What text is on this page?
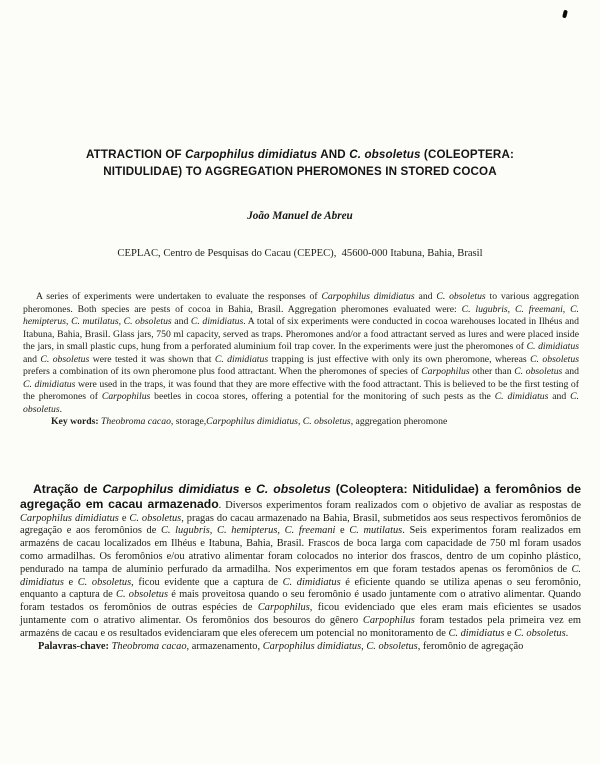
ATTRACTION OF Carpophilus dimidiatus AND C. obsoletus (COLEOPTERA:
NITIDULIDAE) TO AGGREGATION PHEROMONES IN STORED COCOA
João Manuel de Abreu
CEPLAC, Centro de Pesquisas do Cacau (CEPEC),  45600-000 Itabuna, Bahia, Brasil

A series of experiments were undertaken to evaluate the responses of Carpophilus dimidiatus and C. obsoletus to various aggregation pheromones. Both species are pests of cocoa in Bahia, Brasil. Aggregation pheromones evaluated were: C. lugubris, C. freemani, C. hemipterus, C. mutilatus, C. obsoletus and C. dimidiatus. A total of six experiments were conducted in cocoa warehouses located in Ilhéus and Itabuna, Bahia, Brasil. Glass jars, 750 ml capacity, served as traps. Pheromones and/or a food attractant served as lures and were placed inside the jars, in small plastic cups, hung from a perforated aluminium foil trap cover. In the experiments were just the pheromones of C. dimidiatus and C. obsoletus were tested it was shown that C. dimidiatus trapping is just effective with only its own pheromone, whereas C. obsoletus prefers a combination of its own pheromone plus food attractant. When the pheromones of species of Carpophilus other than C. obsoletus and C. dimidiatus were used in the traps, it was found that they are more effective with the food attractant. This is believed to be the first testing of the pheromones of Carpophilus beetles in cocoa stores, offering a potential for the monitoring of such pests as the C. dimidiatus and C. obsoletus.

Key words: Theobroma cacao, storage,Carpophilus dimidiatus, C. obsoletus, aggregation pheromone

Atração de Carpophilus dimidiatus e C. obsoletus (Coleoptera: Nitidulidae) a feromônios de agregação em cacau armazenado. Diversos experimentos foram realizados com o objetivo de avaliar as respostas de Carpophilus dimidiatus e C. obsoletus, pragas do cacau armazenado na Bahia, Brasil, submetidos aos seus respectivos feromônios de agregação e aos feromônios de C. lugubris, C. hemipterus, C. freemani e C. mutilatus. Seis experimentos foram realizados em armazéns de cacau localizados em Ilhéus e Itabuna, Bahia, Brasil. Frascos de boca larga com capacidade de 750 ml foram usados como armadilhas. Os feromônios e/ou atrativo alimentar foram colocados no interior dos frascos, dentro de um copinho plástico, pendurado na tampa de alumínio perfurado da armadilha. Nos experimentos em que foram testados apenas os feromônios de C. dimidiatus e C. obsoletus, ficou evidente que a captura de C. dimidiatus é eficiente quando se utiliza apenas o seu feromônio, enquanto a captura de C. obsoletus é mais proveitosa quando o seu feromônio é usado juntamente com o atrativo alimentar. Quando foram testados os feromônios de outras espécies de Carpophilus, ficou evidenciado que eles eram mais eficientes se usados juntamente com o atrativo alimentar. Os feromônios dos besouros do gênero Carpophilus foram testados pela primeira vez em armazéns de cacau e os resultados evidenciaram que eles oferecem um potencial no monitoramento de C. dimidiatus e C. obsoletus.

Palavras-chave: Theobroma cacao, armazenamento, Carpophilus dimidiatus, C. obsoletus, feromônio de agregação
